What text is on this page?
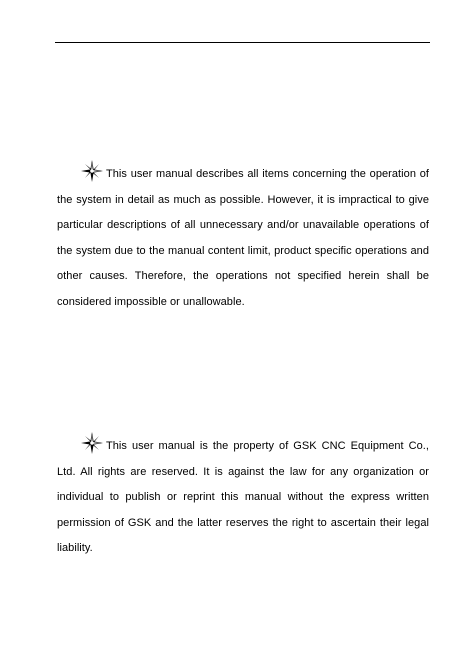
This user manual describes all items concerning the operation of the system in detail as much as possible. However, it is impractical to give particular descriptions of all unnecessary and/or unavailable operations of the system due to the manual content limit, product specific operations and other causes. Therefore, the operations not specified herein shall be considered impossible or unallowable.

This user manual is the property of GSK CNC Equipment Co., Ltd. All rights are reserved. It is against the law for any organization or individual to publish or reprint this manual without the express written permission of GSK and the latter reserves the right to ascertain their legal liability.
